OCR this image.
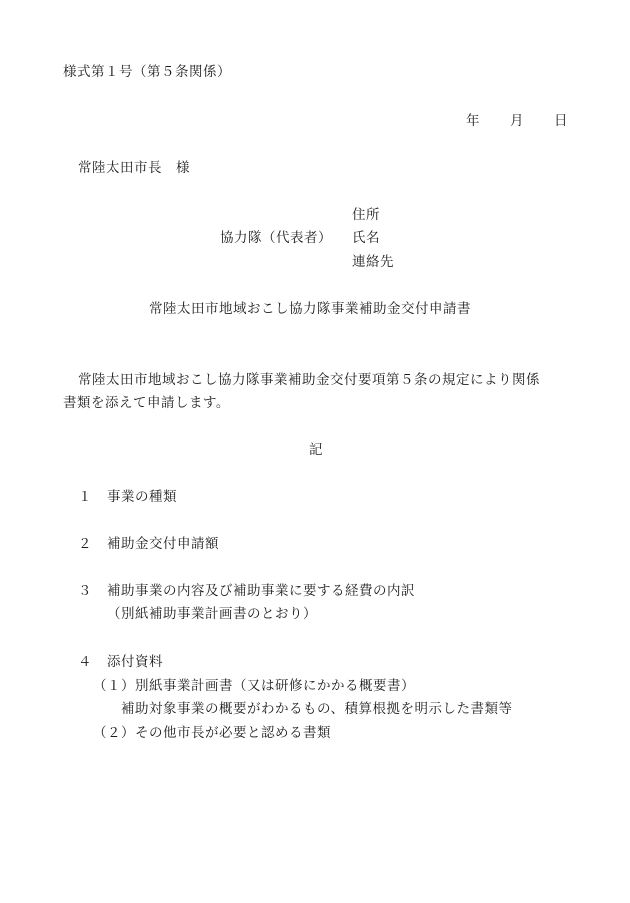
様式第１号（第５条関係）
年 月 日
常陸太田市長　様
住所
協力隊（代表者） 氏名
連絡先
常陸太田市地域おこし協力隊事業補助金交付申請書
常陸太田市地域おこし協力隊事業補助金交付要項第５条の規定により関係
書類を添えて申請します。
記
１ 事業の種類
２ 補助金交付申請額
３ 補助事業の内容及び補助事業に要する経費の内訳
（別紙補助事業計画書のとおり）
４ 添付資料
（１）別紙事業計画書（又は研修にかかる概要書）
補助対象事業の概要がわかるもの、積算根拠を明示した書類等
（２）その他市長が必要と認める書類
